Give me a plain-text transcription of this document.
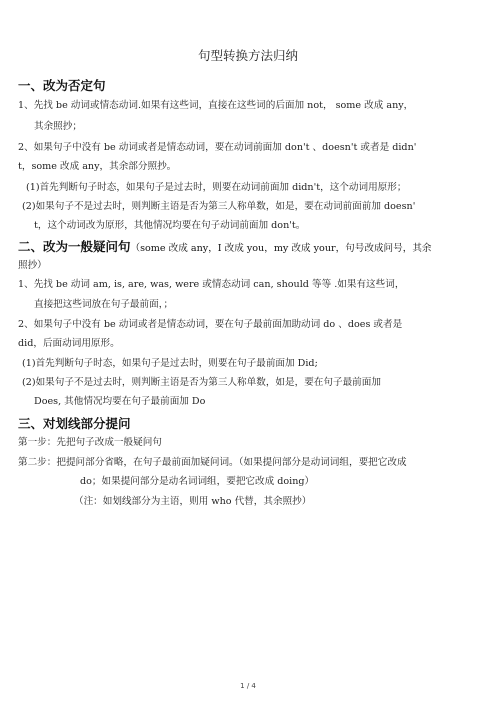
句型转换方法归纳
一、改为否定句
1、先找 be 动词或情态动词.如果有这些词，直接在这些词的后面加 not， some 改成 any，
其余照抄；
2、如果句子中没有 be 动词或者是情态动词，要在动词前面加 don't 、doesn't 或者是 didn'
t，some 改成 any，其余部分照抄。
(1)首先判断句子时态，如果句子是过去时，则要在动词前面加 didn't，这个动词用原形；
(2)如果句子不是过去时，则判断主语是否为第三人称单数，如是，要在动词前面前加 doesn'
t，这个动词改为原形，其他情况均要在句子动词前面加 don't。
二、改为一般疑问句（some 改成 any，I 改成 you，my 改成 your，句号改成问号，其余
照抄）
1、先找 be 动词 am, is, are, was, were 或情态动词 can, should 等等 .如果有这些词，
直接把这些词放在句子最前面，；
2、如果句子中没有 be 动词或者是情态动词，要在句子最前面加助动词 do 、does 或者是
did，后面动词用原形。
(1)首先判断句子时态，如果句子是过去时，则要在句子最前面加 Did;
(2)如果句子不是过去时，则判断主语是否为第三人称单数，如是，要在句子最前面加
Does, 其他情况均要在句子最前面加 Do
三、对划线部分提问
第一步：先把句子改成一般疑问句
第二步：把提问部分省略，在句子最前面加疑问词。（如果提问部分是动词词组，要把它改成
do；如果提问部分是动名词词组，要把它改成 doing）
（注：如划线部分为主语，则用 who 代替，其余照抄）
1 / 4
